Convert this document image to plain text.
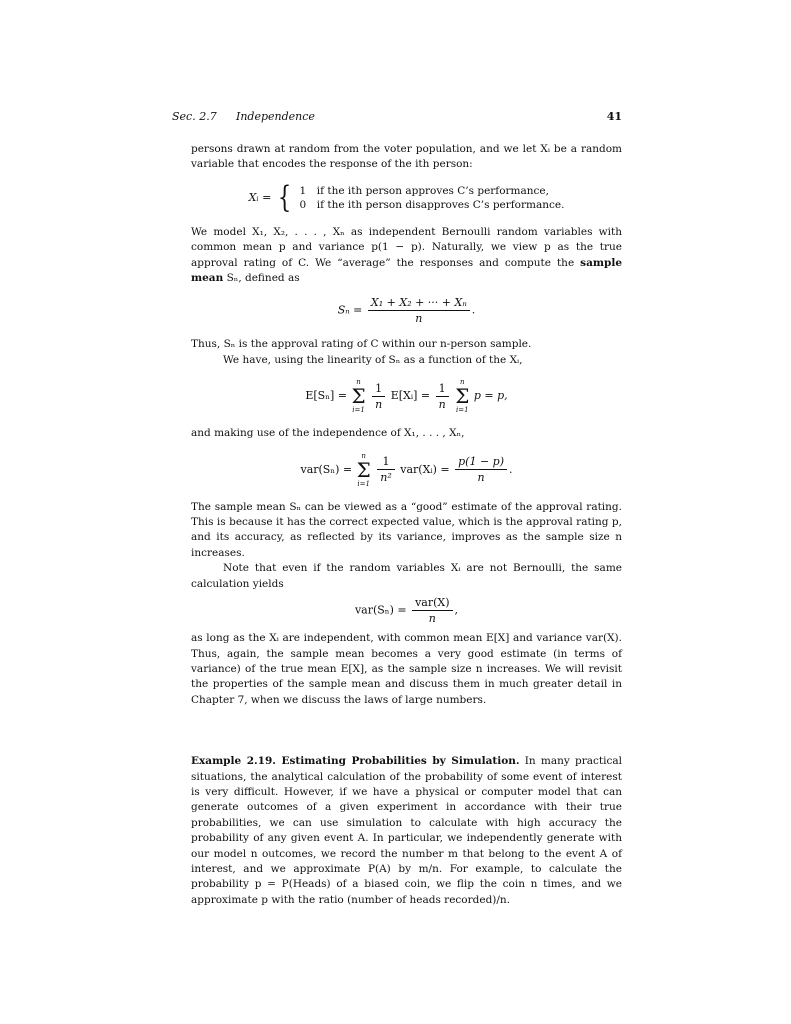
Sec. 2.7 Independence	41

persons drawn at random from the voter population, and we let Xᵢ be a random variable that encodes the response of the ith person:

Xᵢ = { 1 if the ith person approves C’s performance,
0 if the ith person disapproves C’s performance.

We model X₁, X₂, . . . , Xₙ as independent Bernoulli random variables with common mean p and variance p(1 − p). Naturally, we view p as the true approval rating of C. We “average” the responses and compute the sample mean Sₙ, defined as

$S_n = \frac{\text{X₁ + X₂ + ··· + Xₙ}}{n}$ .

Thus, Sₙ is the approval rating of C within our n-person sample.

We have, using the linearity of Sₙ as a function of the Xᵢ,

E[Sₙ] =
n
Σ
i=1
$\frac{1}{n}$ E[Xᵢ] = $\frac{1}{n}$
	n
Σ
i=1
p = p,

and making use of the independence of X₁, . . . , Xₙ,

var(Sₙ) =
n
Σ
i=1
$\frac{1}{\text{n²}}$ var(Xᵢ) = $\frac{p(1 - p)}{n}$ .

The sample mean Sₙ can be viewed as a “good” estimate of the approval rating. This is because it has the correct expected value, which is the approval rating p, and its accuracy, as reflected by its variance, improves as the sample size n increases.

Note that even if the random variables Xᵢ are not Bernoulli, the same calculation yields

$var(S_n) = \frac{\text{var(X)}}{n}$ ,

as long as the Xᵢ are independent, with common mean E[X] and variance var(X). Thus, again, the sample mean becomes a very good estimate (in terms of variance) of the true mean E[X], as the sample size n increases. We will revisit the properties of the sample mean and discuss them in much greater detail in Chapter 7, when we discuss the laws of large numbers.

Example 2.19. Estimating Probabilities by Simulation. In many practical situations, the analytical calculation of the probability of some event of interest is very difficult. However, if we have a physical or computer model that can generate outcomes of a given experiment in accordance with their true probabilities, we can use simulation to calculate with high accuracy the probability of any given event A. In particular, we independently generate with our model n outcomes, we record the number m that belong to the event A of interest, and we approximate P(A) by m/n. For example, to calculate the probability p = P(Heads) of a biased coin, we flip the coin n times, and we approximate p with the ratio (number of heads recorded)/n.
